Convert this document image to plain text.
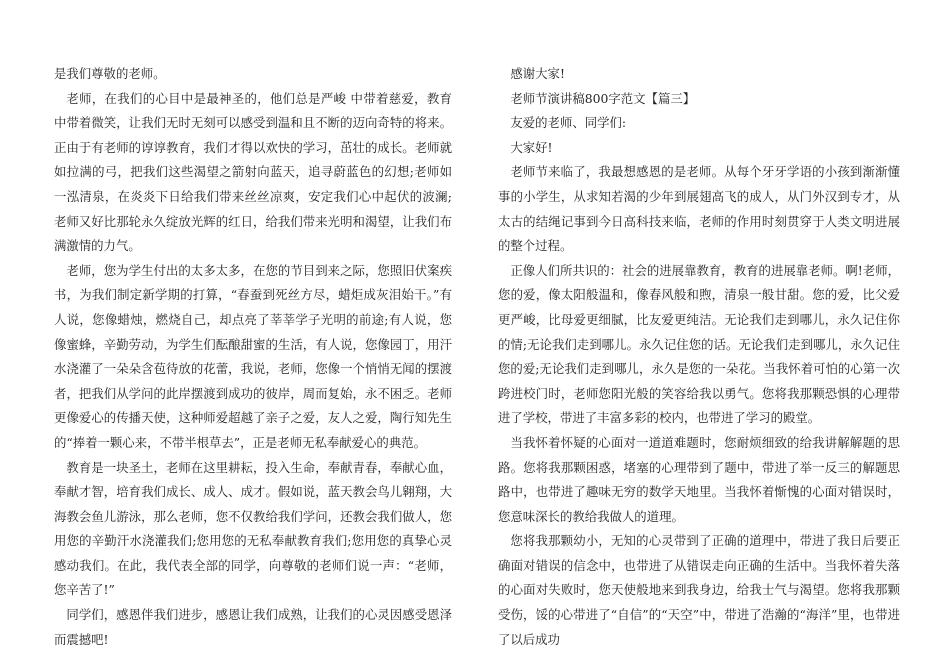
是我们尊敬的老师。

老师，在我们的心目中是最神圣的，他们总是严峻 中带着慈爱，教育中带着微笑，让我们无时无刻可以感受到温和且不断的迈向奇特的将来。正由于有老师的谆谆教育，我们才得以欢快的学习，茁壮的成长。老师就如拉满的弓，把我们这些渴望之箭射向蓝天，追寻蔚蓝色的幻想;老师如一泓清泉，在炎炎下日给我们带来丝丝凉爽，安定我们心中起伏的波澜;老师又好比那轮永久绽放光辉的红日，给我们带来光明和渴望，让我们布满激情的力气。

老师，您为学生付出的太多太多，在您的节目到来之际，您照旧伏案疾书，为我们制定新学期的打算，“春蚕到死丝方尽，蜡炬成灰泪始干。”有人说，您像蜡烛，燃烧自己，却点亮了莘莘学子光明的前途;有人说，您像蜜蜂，辛勤劳动，为学生们酝酿甜蜜的生活，有人说，您像园丁，用汗水浇灌了一朵朵含苞待放的花蕾，我说，老师，您像一个悄悄无闻的摆渡者，把我们从学问的此岸摆渡到成功的彼岸，周而复始，永不困乏。老师更像爱心的传播天使，这种师爱超越了亲子之爱，友人之爱，陶行知先生的“捧着一颗心来，不带半根草去”，正是老师无私奉献爱心的典范。

教育是一块圣土，老师在这里耕耘，投入生命，奉献青春，奉献心血，奉献才智，培育我们成长、成人、成才。假如说，蓝天教会鸟儿翱翔，大海教会鱼儿游泳，那么老师，您不仅教给我们学问，还教会我们做人，您用您的辛勤汗水浇灌我们;您用您的无私奉献教育我们;您用您的真挚心灵感动我们。在此，我代表全部的同学，向尊敬的老师们说一声：“老师，您辛苦了!”

同学们，感恩伴我们进步，感恩让我们成熟，让我们的心灵因感受恩泽而震撼吧!

感谢大家!

老师节演讲稿800字范文【篇三】

友爱的老师、同学们:

大家好!

老师节来临了，我最想感恩的是老师。从每个牙牙学语的小孩到渐渐懂事的小学生，从求知若渴的少年到展翅高飞的成人，从门外汉到专才，从太古的结绳记事到今日高科技来临，老师的作用时刻贯穿于人类文明进展的整个过程。

正像人们所共识的：社会的进展靠教育，教育的进展靠老师。啊!老师，您的爱，像太阳般温和，像春风般和煦，清泉一般甘甜。您的爱，比父爱更严峻，比母爱更细腻，比友爱更纯洁。无论我们走到哪儿，永久记住你的情;无论我们走到哪儿。永久记住您的话。无论我们走到哪儿，永久记住您的爱;无论我们走到哪儿，永久是您的一朵花。当我怀着可怕的心第一次跨进校门时，老师您阳光般的笑容给我以勇气。您将我那颗恐惧的心理带进了学校，带进了丰富多彩的校内，也带进了学习的殿堂。

当我怀着怀疑的心面对一道道难题时，您耐烦细致的给我讲解解题的思路。您将我那颗困惑，堵塞的心理带到了题中，带进了举一反三的解题思路中，也带进了趣味无穷的数学天地里。当我怀着惭愧的心面对错误时，您意味深长的教给我做人的道理。

您将我那颗幼小，无知的心灵带到了正确的道理中，带进了我日后要正确面对错误的信念中，也带进了从错误走向正确的生活中。当我怀着失落的心面对失败时，您天使般地来到我身边，给我士气与渴望。您将我那颗受伤，馁的心带进了“自信”的“天空”中，带进了浩瀚的“海洋”里，也带进了以后成功
